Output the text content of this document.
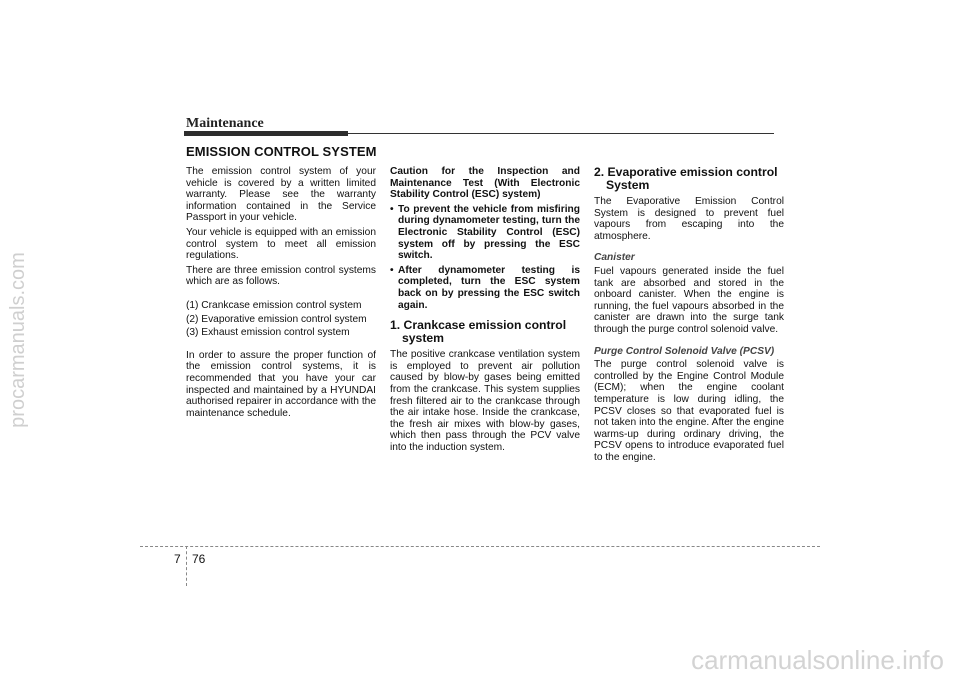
procarmanuals.com
Maintenance
EMISSION CONTROL SYSTEM

The emission control system of your vehicle is covered by a written limited warranty. Please see the warranty information contained in the Service Passport in your vehicle.

Your vehicle is equipped with an emission control system to meet all emission regulations.

There are three emission control systems which are as follows.

(1) Crankcase emission control system
(2) Evaporative emission control system
(3) Exhaust emission control system

In order to assure the proper function of the emission control systems, it is recommended that you have your car inspected and maintained by a HYUNDAI authorised repairer in accordance with the maintenance schedule.

Caution for the Inspection and Maintenance Test (With Electronic Stability Control (ESC) system)

• To prevent the vehicle from misfiring during dynamometer testing, turn the Electronic Stability Control (ESC) system off by pressing the ESC switch.
• After dynamometer testing is completed, turn the ESC system back on by pressing the ESC switch again.
1. Crankcase emission control
system

The positive crankcase ventilation system is employed to prevent air pollution caused by blow-by gases being emitted from the crankcase. This system supplies fresh filtered air to the crankcase through the air intake hose. Inside the crankcase, the fresh air mixes with blow-by gases, which then pass through the PCV valve into the induction system.

2. Evaporative emission control
System

The Evaporative Emission Control System is designed to prevent fuel vapours from escaping into the atmosphere.

Canister

Fuel vapours generated inside the fuel tank are absorbed and stored in the onboard canister. When the engine is running, the fuel vapours absorbed in the canister are drawn into the surge tank through the purge control solenoid valve.

Purge Control Solenoid Valve (PCSV)

The purge control solenoid valve is controlled by the Engine Control Module (ECM); when the engine coolant temperature is low during idling, the PCSV closes so that evaporated fuel is not taken into the engine. After the engine warms-up during ordinary driving, the PCSV opens to introduce evaporated fuel to the engine.

7 76
carmanualsonline.info
